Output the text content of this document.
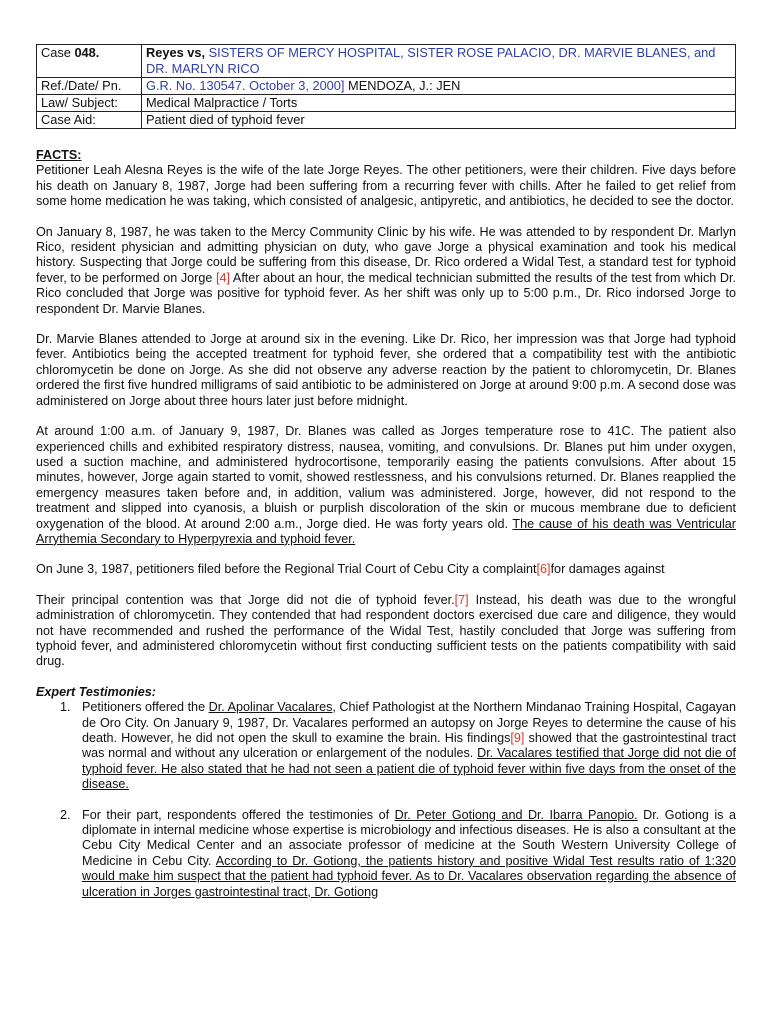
Case 048.	Reyes vs, SISTERS OF MERCY HOSPITAL, SISTER ROSE PALACIO, DR. MARVIE BLANES, and DR. MARLYN RICO
Ref./Date/ Pn.	G.R. No. 130547. October 3, 2000] MENDOZA, J.: JEN
Law/ Subject:	Medical Malpractice / Torts
Case Aid:	Patient died of typhoid fever
FACTS:

Petitioner Leah Alesna Reyes is the wife of the late Jorge Reyes. The other petitioners, were their children. Five days before his death on January 8, 1987, Jorge had been suffering from a recurring fever with chills. After he failed to get relief from some home medication he was taking, which consisted of analgesic, antipyretic, and antibiotics, he decided to see the doctor.

On January 8, 1987, he was taken to the Mercy Community Clinic by his wife. He was attended to by respondent Dr. Marlyn Rico, resident physician and admitting physician on duty, who gave Jorge a physical examination and took his medical history. Suspecting that Jorge could be suffering from this disease, Dr. Rico ordered a Widal Test, a standard test for typhoid fever, to be performed on Jorge [4] After about an hour, the medical technician submitted the results of the test from which Dr. Rico concluded that Jorge was positive for typhoid fever. As her shift was only up to 5:00 p.m., Dr. Rico indorsed Jorge to respondent Dr. Marvie Blanes.

Dr. Marvie Blanes attended to Jorge at around six in the evening. Like Dr. Rico, her impression was that Jorge had typhoid fever. Antibiotics being the accepted treatment for typhoid fever, she ordered that a compatibility test with the antibiotic chloromycetin be done on Jorge. As she did not observe any adverse reaction by the patient to chloromycetin, Dr. Blanes ordered the first five hundred milligrams of said antibiotic to be administered on Jorge at around 9:00 p.m. A second dose was administered on Jorge about three hours later just before midnight.

At around 1:00 a.m. of January 9, 1987, Dr. Blanes was called as Jorges temperature rose to 41C. The patient also experienced chills and exhibited respiratory distress, nausea, vomiting, and convulsions. Dr. Blanes put him under oxygen, used a suction machine, and administered hydrocortisone, temporarily easing the patients convulsions. After about 15 minutes, however, Jorge again started to vomit, showed restlessness, and his convulsions returned. Dr. Blanes reapplied the emergency measures taken before and, in addition, valium was administered. Jorge, however, did not respond to the treatment and slipped into cyanosis, a bluish or purplish discoloration of the skin or mucous membrane due to deficient oxygenation of the blood. At around 2:00 a.m., Jorge died. He was forty years old. The cause of his death was Ventricular Arrythemia Secondary to Hyperpyrexia and typhoid fever.

On June 3, 1987, petitioners filed before the Regional Trial Court of Cebu City a complaint[6]for damages against

Their principal contention was that Jorge did not die of typhoid fever.[7] Instead, his death was due to the wrongful administration of chloromycetin. They contended that had respondent doctors exercised due care and diligence, they would not have recommended and rushed the performance of the Widal Test, hastily concluded that Jorge was suffering from typhoid fever, and administered chloromycetin without first conducting sufficient tests on the patients compatibility with said drug.

Expert Testimonies:
1. Petitioners offered the Dr. Apolinar Vacalares, Chief Pathologist at the Northern Mindanao Training Hospital, Cagayan de Oro City. On January 9, 1987, Dr. Vacalares performed an autopsy on Jorge Reyes to determine the cause of his death. However, he did not open the skull to examine the brain. His findings[9] showed that the gastrointestinal tract was normal and without any ulceration or enlargement of the nodules. Dr. Vacalares testified that Jorge did not die of typhoid fever. He also stated that he had not seen a patient die of typhoid fever within five days from the onset of the disease.
2. For their part, respondents offered the testimonies of Dr. Peter Gotiong and Dr. Ibarra Panopio. Dr. Gotiong is a diplomate in internal medicine whose expertise is microbiology and infectious diseases. He is also a consultant at the Cebu City Medical Center and an associate professor of medicine at the South Western University College of Medicine in Cebu City. According to Dr. Gotiong, the patients history and positive Widal Test results ratio of 1:320 would make him suspect that the patient had typhoid fever. As to Dr. Vacalares observation regarding the absence of ulceration in Jorges gastrointestinal tract, Dr. Gotiong
